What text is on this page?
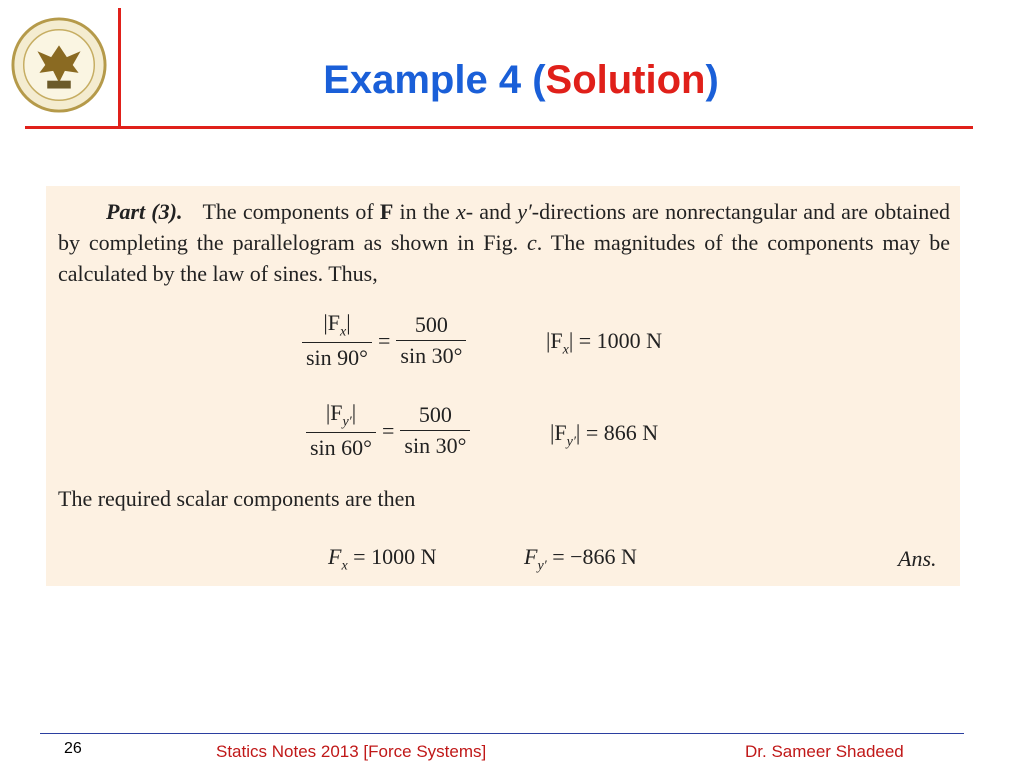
Example 4 (Solution)
Part (3). The components of F in the x- and y′-directions are nonrectangular and are obtained by completing the parallelogram as shown in Fig. c. The magnitudes of the components may be calculated by the law of sines. Thus,
$\frac{|F_x|}{\sin 90^\circ} = \frac{500}{\sin 30^\circ}$	$|F_x| = 1000$ N
$\frac{|F_{y'}|}{\sin 60^\circ} = \frac{500}{\sin 30^\circ}$	$|F_{y'}| = 866$ N
The required scalar components are then
$F_x = 1000$ N	$F_{y'} = -866$ N	Ans.
26	Statics Notes 2013 [Force Systems]	Dr. Sameer Shadeed
